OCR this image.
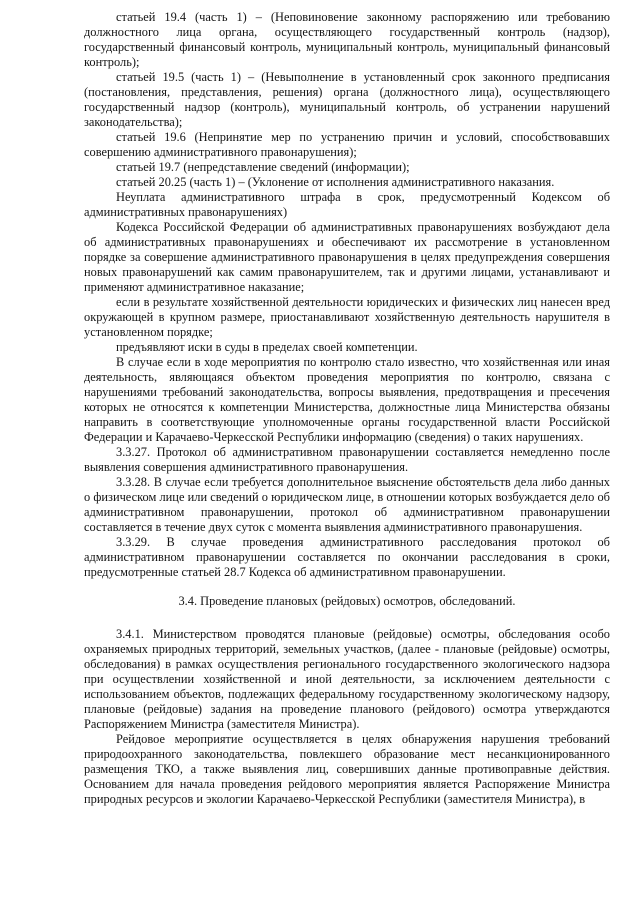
статьей 19.4 (часть 1) – (Неповиновение законному распоряжению или требованию должностного лица органа, осуществляющего государственный контроль (надзор), государственный финансовый контроль, муниципальный контроль, муниципальный финансовый контроль);

статьей 19.5 (часть 1) – (Невыполнение в установленный срок законного предписания (постановления, представления, решения) органа (должностного лица), осуществляющего государственный надзор (контроль), муниципальный контроль, об устранении нарушений законодательства);

статьей 19.6 (Непринятие мер по устранению причин и условий, способствовавших совершению административного правонарушения);

статьей 19.7 (непредставление сведений (информации);

статьей 20.25 (часть 1) – (Уклонение от исполнения административного наказания.

Неуплата административного штрафа в срок, предусмотренный Кодексом об административных правонарушениях)

Кодекса Российской Федерации об административных правонарушениях возбуждают дела об административных правонарушениях и обеспечивают их рассмотрение в установленном порядке за совершение административного правонарушения в целях предупреждения совершения новых правонарушений как самим правонарушителем, так и другими лицами, устанавливают и применяют административное наказание;

если в результате хозяйственной деятельности юридических и физических лиц нанесен вред окружающей в крупном размере, приостанавливают хозяйственную деятельность нарушителя в установленном порядке;

предъявляют иски в суды в пределах своей компетенции.

В случае если в ходе мероприятия по контролю стало известно, что хозяйственная или иная деятельность, являющаяся объектом проведения мероприятия по контролю, связана с нарушениями требований законодательства, вопросы выявления, предотвращения и пресечения которых не относятся к компетенции Министерства, должностные лица Министерства обязаны направить в соответствующие уполномоченные органы государственной власти Российской Федерации и Карачаево-Черкесской Республики информацию (сведения) о таких нарушениях.

3.3.27. Протокол об административном правонарушении составляется немедленно после выявления совершения административного правонарушения.

3.3.28. В случае если требуется дополнительное выяснение обстоятельств дела либо данных о физическом лице или сведений о юридическом лице, в отношении которых возбуждается дело об административном правонарушении, протокол об административном правонарушении составляется в течение двух суток с момента выявления административного правонарушения.

3.3.29. В случае проведения административного расследования протокол об административном правонарушении составляется по окончании расследования в сроки, предусмотренные статьей 28.7 Кодекса об административном правонарушении.

3.4. Проведение плановых (рейдовых) осмотров, обследований.

3.4.1. Министерством проводятся плановые (рейдовые) осмотры, обследования особо охраняемых природных территорий, земельных участков, (далее - плановые (рейдовые) осмотры, обследования) в рамках осуществления регионального государственного экологического надзора при осуществлении хозяйственной и иной деятельности, за исключением деятельности с использованием объектов, подлежащих федеральному государственному экологическому надзору, плановые (рейдовые) задания на проведение планового (рейдового) осмотра утверждаются Распоряжением Министра (заместителя Министра).

Рейдовое мероприятие осуществляется в целях обнаружения нарушения требований природоохранного законодательства, повлекшего образование мест несанкционированного размещения ТКО, а также выявления лиц, совершивших данные противоправные действия. Основанием для начала проведения рейдового мероприятия является Распоряжение Министра природных ресурсов и экологии Карачаево-Черкесской Республики (заместителя Министра), в
